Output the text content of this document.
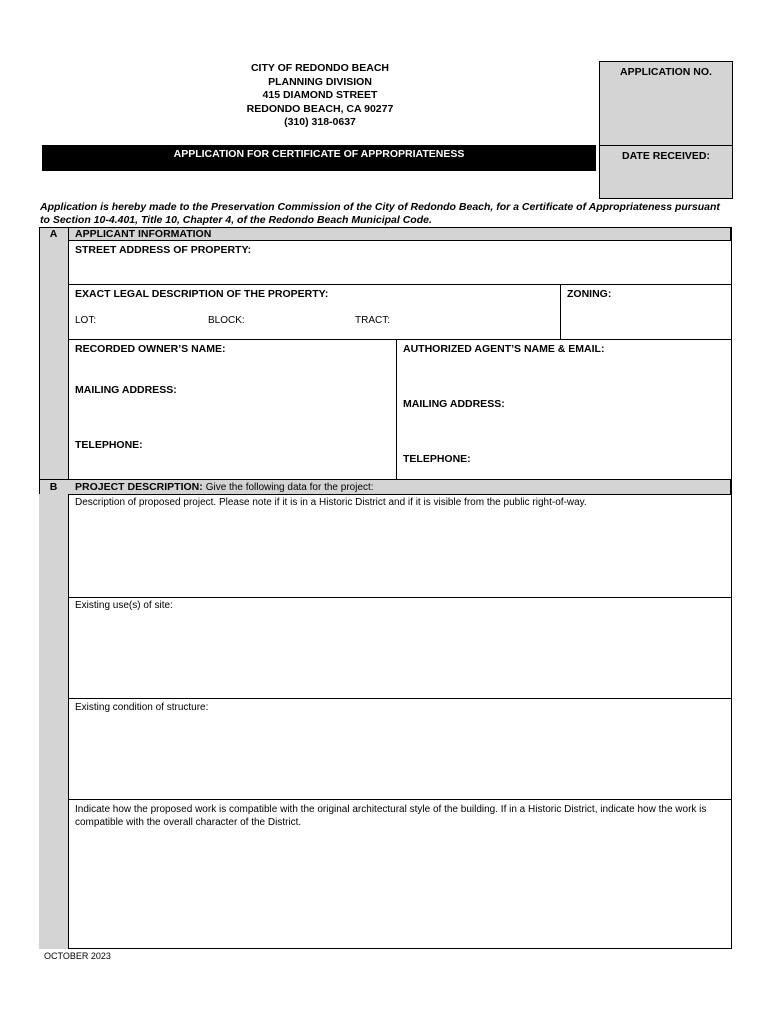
CITY OF REDONDO BEACH
PLANNING DIVISION
415 DIAMOND STREET
REDONDO BEACH, CA 90277
(310) 318-0637
APPLICATION FOR CERTIFICATE OF APPROPRIATENESS
APPLICATION NO.
DATE RECEIVED:
Application is hereby made to the Preservation Commission of the City of Redondo Beach, for a Certificate of Appropriateness pursuant to Section 10-4.401, Title 10, Chapter 4, of the Redondo Beach Municipal Code.
A	APPLICANT INFORMATION
STREET ADDRESS OF PROPERTY:
EXACT LEGAL DESCRIPTION OF THE PROPERTY:	ZONING:
LOT:	BLOCK:	TRACT:
RECORDED OWNER’S NAME:
MAILING ADDRESS:
TELEPHONE:
AUTHORIZED AGENT’S NAME & EMAIL:
MAILING ADDRESS:
TELEPHONE:
B	PROJECT DESCRIPTION: Give the following data for the project:
Description of proposed project. Please note if it is in a Historic District and if it is visible from the public right-of-way.
Existing use(s) of site:
Existing condition of structure:
Indicate how the proposed work is compatible with the original architectural style of the building. If in a Historic District, indicate how the work is compatible with the overall character of the District.
OCTOBER 2023
